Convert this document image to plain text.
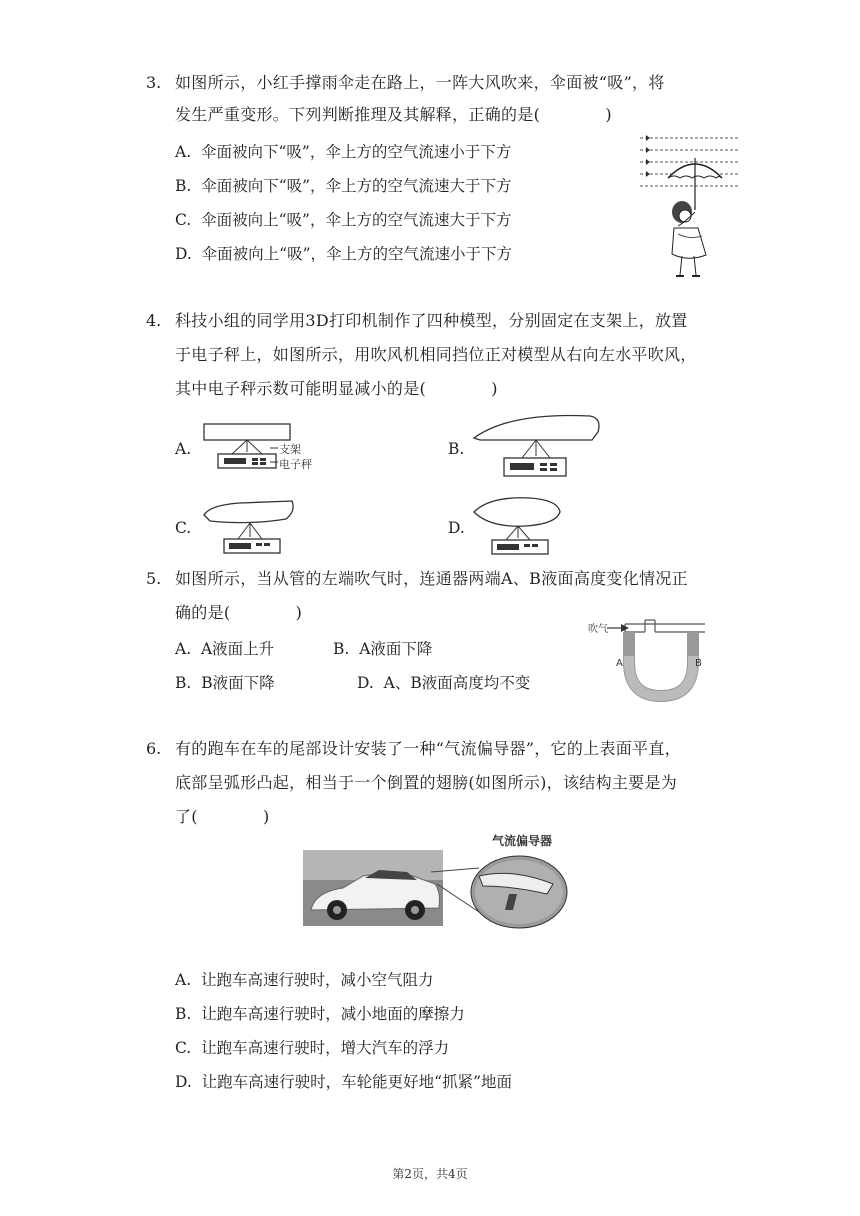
3. 如图所示，小红手撑雨伞走在路上，一阵大风吹来，伞面被“吸”，将
发生严重变形。下列判断推理及其解释，正确的是(　　　　)
A. 伞面被向下“吸”，伞上方的空气流速小于下方
B. 伞面被向下“吸”，伞上方的空气流速大于下方
C. 伞面被向上“吸”，伞上方的空气流速大于下方
D. 伞面被向上“吸”，伞上方的空气流速小于下方
4. 科技小组的同学用3D打印机制作了四种模型，分别固定在支架上，放置
于电子秤上，如图所示，用吹风机相同挡位正对模型从右向左水平吹风，
其中电子秤示数可能明显减小的是(　　　　)
A.	支架
电子秤
B.
C.	D.
5. 如图所示，当从管的左端吹气时，连通器两端A、B液面高度变化情况正
确的是(　　　　)
A. A液面上升	B. A液面下降
B. B液面下降	D. A、B液面高度均不变
吹气
A	B
6. 有的跑车在车的尾部设计安装了一种“气流偏导器”，它的上表面平直，
底部呈弧形凸起，相当于一个倒置的翅膀(如图所示)，该结构主要是为
了(　　　　)
气流偏导器
A. 让跑车高速行驶时，减小空气阻力
B. 让跑车高速行驶时，减小地面的摩擦力
C. 让跑车高速行驶时，增大汽车的浮力
D. 让跑车高速行驶时，车轮能更好地“抓紧”地面
第2页，共4页
